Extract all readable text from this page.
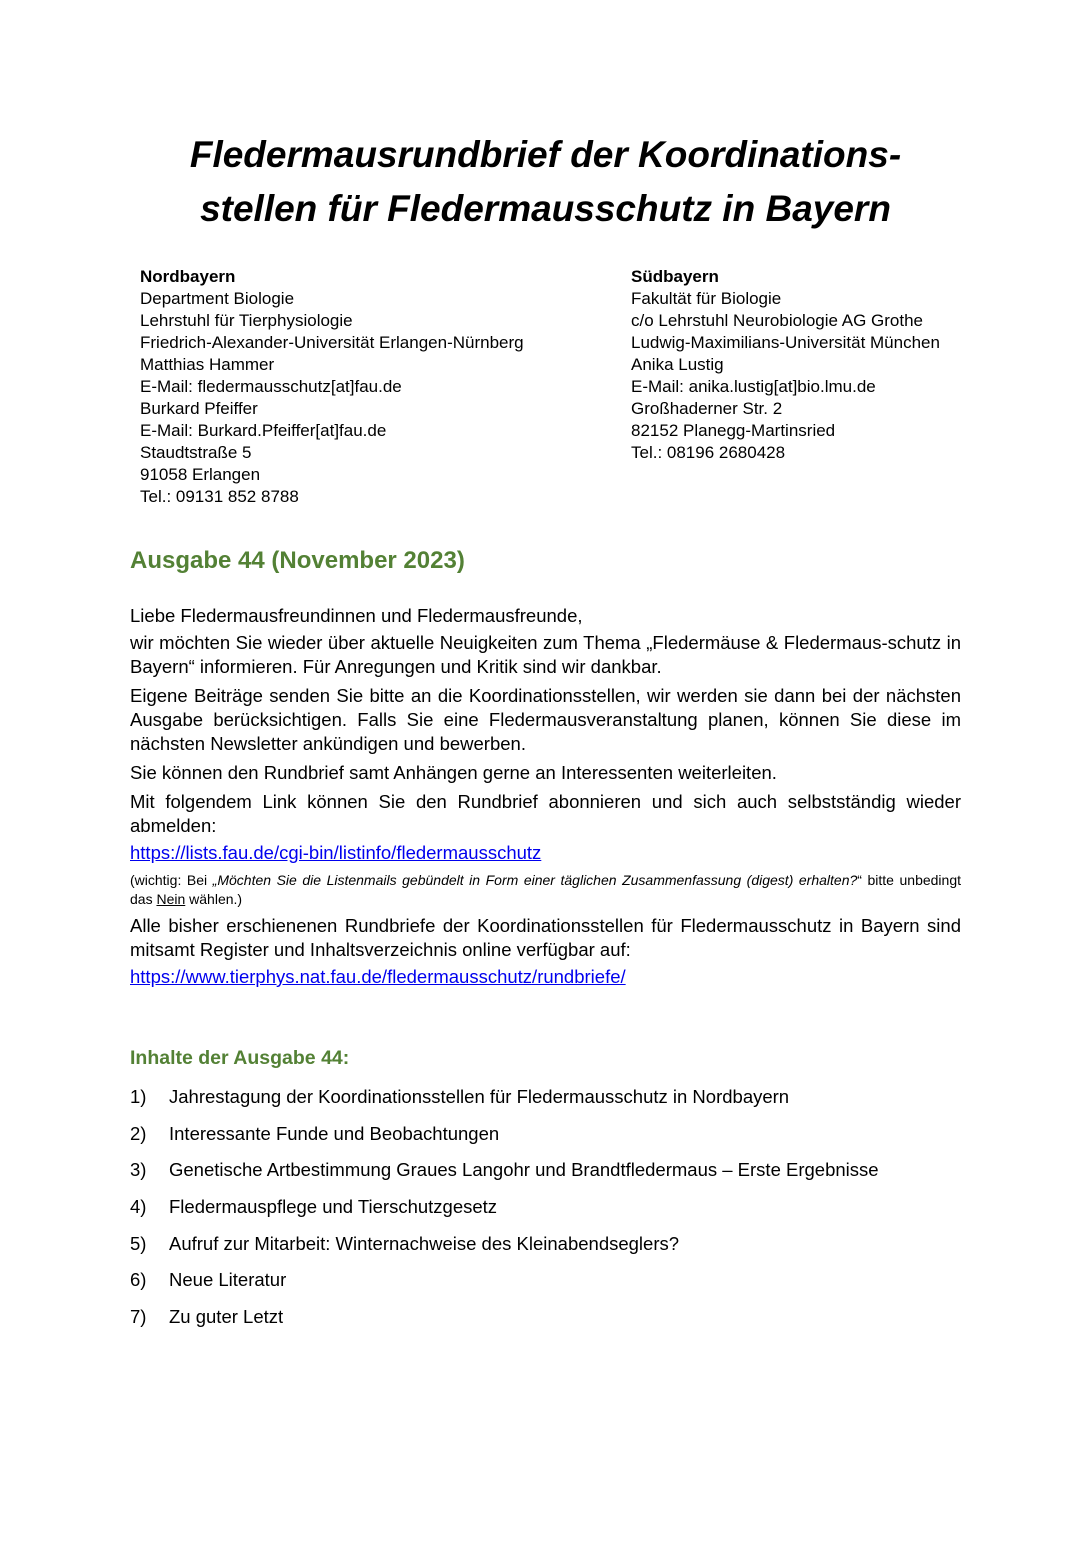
Fledermausrundbrief der Koordinations-
stellen für Fledermausschutz in Bayern
Nordbayern
Department Biologie
Lehrstuhl für Tierphysiologie
Friedrich-Alexander-Universität Erlangen-Nürnberg
Matthias Hammer
E-Mail: fledermausschutz[at]fau.de
Burkard Pfeiffer
E-Mail: Burkard.Pfeiffer[at]fau.de
Staudtstraße 5
91058 Erlangen
Tel.: 09131 852 8788
Südbayern
Fakultät für Biologie
c/o Lehrstuhl Neurobiologie AG Grothe
Ludwig-Maximilians-Universität München
Anika Lustig
E-Mail: anika.lustig[at]bio.lmu.de
Großhaderner Str. 2
82152 Planegg-Martinsried
Tel.: 08196 2680428
Ausgabe 44 (November 2023)

Liebe Fledermausfreundinnen und Fledermausfreunde,

wir möchten Sie wieder über aktuelle Neuigkeiten zum Thema „Fledermäuse & Fledermaus-schutz in Bayern“ informieren. Für Anregungen und Kritik sind wir dankbar.

Eigene Beiträge senden Sie bitte an die Koordinationsstellen, wir werden sie dann bei der nächsten Ausgabe berücksichtigen. Falls Sie eine Fledermausveranstaltung planen, können Sie diese im nächsten Newsletter ankündigen und bewerben.

Sie können den Rundbrief samt Anhängen gerne an Interessenten weiterleiten.

Mit folgendem Link können Sie den Rundbrief abonnieren und sich auch selbstständig wieder abmelden:

https://lists.fau.de/cgi-bin/listinfo/fledermausschutz

(wichtig: Bei „Möchten Sie die Listenmails gebündelt in Form einer täglichen Zusammenfassung (digest) erhalten?“ bitte unbedingt das Nein wählen.)

Alle bisher erschienenen Rundbriefe der Koordinationsstellen für Fledermausschutz in Bayern sind mitsamt Register und Inhaltsverzeichnis online verfügbar auf:

https://www.tierphys.nat.fau.de/fledermausschutz/rundbriefe/

Inhalte der Ausgabe 44:
1) Jahrestagung der Koordinationsstellen für Fledermausschutz in Nordbayern
2) Interessante Funde und Beobachtungen
3) Genetische Artbestimmung Graues Langohr und Brandtfledermaus – Erste Ergebnisse
4) Fledermauspflege und Tierschutzgesetz
5) Aufruf zur Mitarbeit: Winternachweise des Kleinabendseglers?
6) Neue Literatur
7) Zu guter Letzt
